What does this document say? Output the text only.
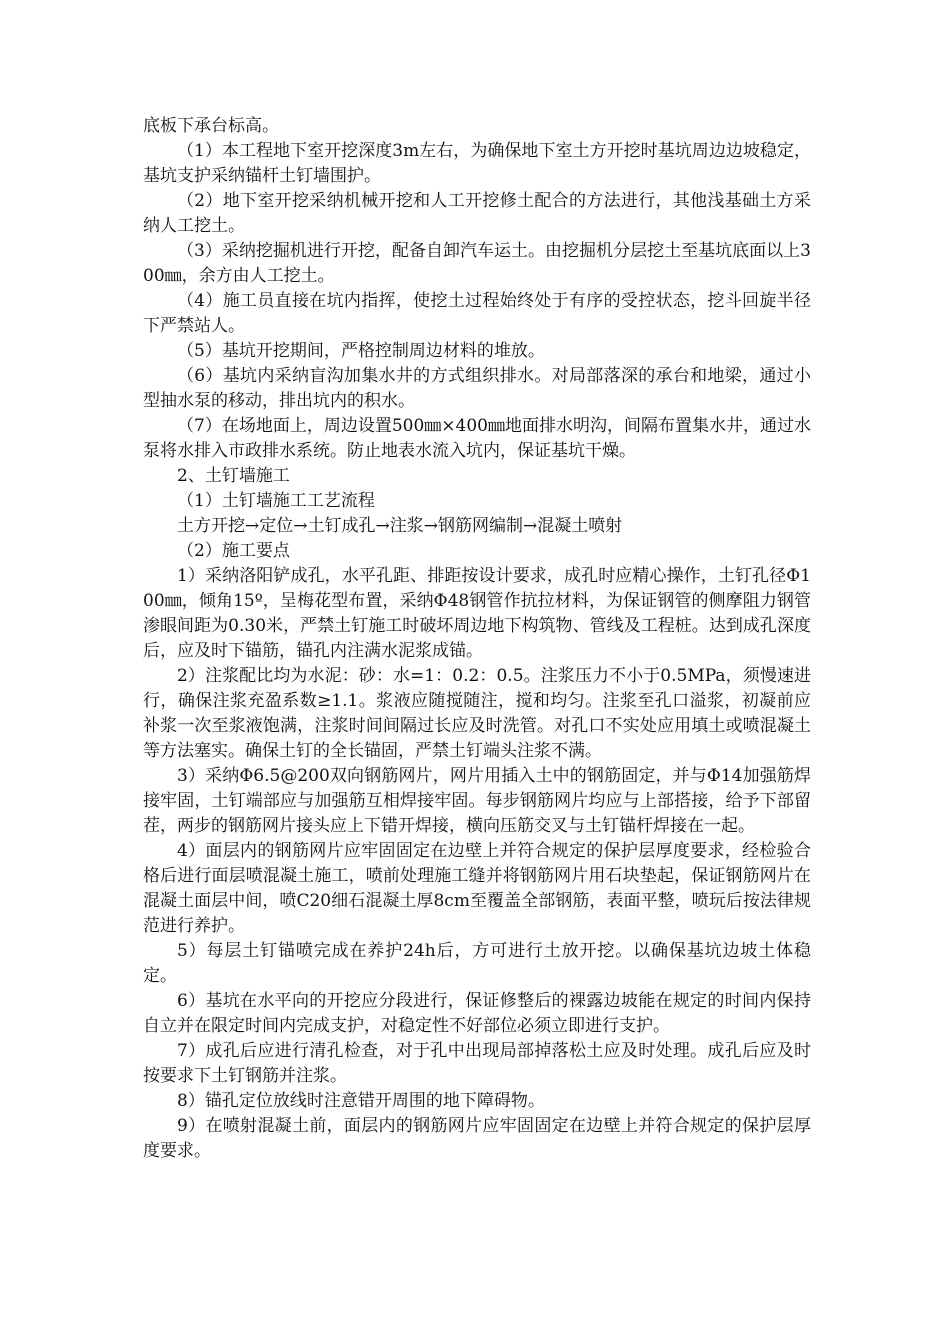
底板下承台标高。

（1）本工程地下室开挖深度3m左右，为确保地下室土方开挖时基坑周边边坡稳定，基坑支护采纳锚杆土钉墙围护。

（2）地下室开挖采纳机械开挖和人工开挖修土配合的方法进行，其他浅基础土方采纳人工挖土。

（3）采纳挖掘机进行开挖，配备自卸汽车运土。由挖掘机分层挖土至基坑底面以上300㎜，余方由人工挖土。

（4）施工员直接在坑内指挥，使挖土过程始终处于有序的受控状态，挖斗回旋半径下严禁站人。

（5）基坑开挖期间，严格控制周边材料的堆放。

（6）基坑内采纳盲沟加集水井的方式组织排水。对局部落深的承台和地梁，通过小型抽水泵的移动，排出坑内的积水。

（7）在场地面上，周边设置500㎜×400㎜地面排水明沟，间隔布置集水井，通过水泵将水排入市政排水系统。防止地表水流入坑内，保证基坑干燥。

2、土钉墙施工

（1）土钉墙施工工艺流程

土方开挖→定位→土钉成孔→注浆→钢筋网编制→混凝土喷射

（2）施工要点

1）采纳洛阳铲成孔，水平孔距、排距按设计要求，成孔时应精心操作，土钉孔径Φ100㎜，倾角15º，呈梅花型布置，采纳Φ48钢管作抗拉材料，为保证钢管的侧摩阻力钢管渗眼间距为0.30米，严禁土钉施工时破坏周边地下构筑物、管线及工程桩。达到成孔深度后，应及时下锚筋，锚孔内注满水泥浆成锚。

2）注浆配比均为水泥：砂：水=1：0.2：0.5。注浆压力不小于0.5MPa，须慢速进行，确保注浆充盈系数≥1.1。浆液应随搅随注，搅和均匀。注浆至孔口溢浆，初凝前应补浆一次至浆液饱满，注浆时间间隔过长应及时洗管。对孔口不实处应用填土或喷混凝土等方法塞实。确保土钉的全长锚固，严禁土钉端头注浆不满。

3）采纳Φ6.5@200双向钢筋网片，网片用插入土中的钢筋固定，并与Φ14加强筋焊接牢固，土钉端部应与加强筋互相焊接牢固。每步钢筋网片均应与上部搭接，给予下部留茬，两步的钢筋网片接头应上下错开焊接，横向压筋交叉与土钉锚杆焊接在一起。

4）面层内的钢筋网片应牢固固定在边壁上并符合规定的保护层厚度要求，经检验合格后进行面层喷混凝土施工，喷前处理施工缝并将钢筋网片用石块垫起，保证钢筋网片在混凝土面层中间，喷C20细石混凝土厚8cm至覆盖全部钢筋，表面平整，喷玩后按法律规范进行养护。

5）每层土钉锚喷完成在养护24h后，方可进行土放开挖。以确保基坑边坡土体稳定。

6）基坑在水平向的开挖应分段进行，保证修整后的裸露边坡能在规定的时间内保持自立并在限定时间内完成支护，对稳定性不好部位必须立即进行支护。

7）成孔后应进行清孔检查，对于孔中出现局部掉落松土应及时处理。成孔后应及时按要求下土钉钢筋并注浆。

8）锚孔定位放线时注意错开周围的地下障碍物。

9）在喷射混凝土前，面层内的钢筋网片应牢固固定在边壁上并符合规定的保护层厚度要求。
